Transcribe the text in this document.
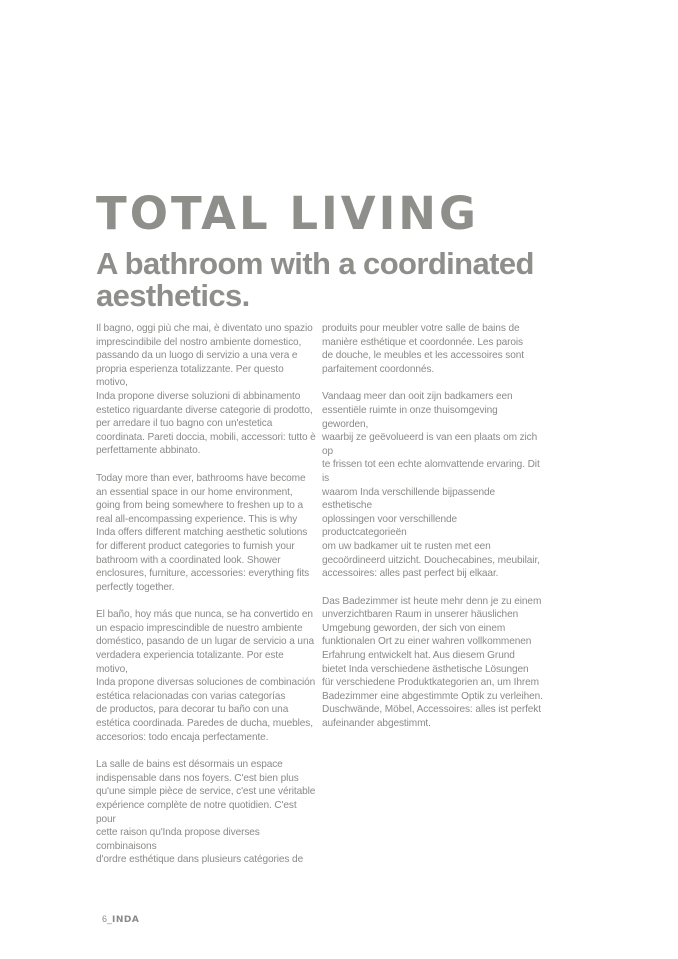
TOTAL LIVING
A bathroom with a coordinated aesthetics.

Il bagno, oggi più che mai, è diventato uno spazio
imprescindibile del nostro ambiente domestico,
passando da un luogo di servizio a una vera e
propria esperienza totalizzante. Per questo motivo,
Inda propone diverse soluzioni di abbinamento
estetico riguardante diverse categorie di prodotto,
per arredare il tuo bagno con un'estetica
coordinata. Pareti doccia, mobili, accessori: tutto è
perfettamente abbinato.

Today more than ever, bathrooms have become
an essential space in our home environment,
going from being somewhere to freshen up to a
real all-encompassing experience. This is why
Inda offers different matching aesthetic solutions
for different product categories to furnish your
bathroom with a coordinated look. Shower
enclosures, furniture, accessories: everything fits
perfectly together.

El baño, hoy más que nunca, se ha convertido en
un espacio imprescindible de nuestro ambiente
doméstico, pasando de un lugar de servicio a una
verdadera experiencia totalizante. Por este motivo,
Inda propone diversas soluciones de combinación
estética relacionadas con varias categorías
de productos, para decorar tu baño con una
estética coordinada. Paredes de ducha, muebles,
accesorios: todo encaja perfectamente.

La salle de bains est désormais un espace
indispensable dans nos foyers. C'est bien plus
qu'une simple pièce de service, c'est une véritable
expérience complète de notre quotidien. C'est pour
cette raison qu'Inda propose diverses combinaisons
d'ordre esthétique dans plusieurs catégories de

produits pour meubler votre salle de bains de
manière esthétique et coordonnée. Les parois
de douche, le meubles et les accessoires sont
parfaitement coordonnés.

Vandaag meer dan ooit zijn badkamers een
essentiële ruimte in onze thuisomgeving geworden,
waarbij ze geëvolueerd is van een plaats om zich op
te frissen tot een echte alomvattende ervaring. Dit is
waarom Inda verschillende bijpassende esthetische
oplossingen voor verschillende productcategorieën
om uw badkamer uit te rusten met een
gecoördineerd uitzicht. Douchecabines, meubilair,
accessoires: alles past perfect bij elkaar.

Das Badezimmer ist heute mehr denn je zu einem
unverzichtbaren Raum in unserer häuslichen
Umgebung geworden, der sich von einem
funktionalen Ort zu einer wahren vollkommenen
Erfahrung entwickelt hat. Aus diesem Grund
bietet Inda verschiedene ästhetische Lösungen
für verschiedene Produktkategorien an, um Ihrem
Badezimmer eine abgestimmte Optik zu verleihen.
Duschwände, Möbel, Accessoires: alles ist perfekt
aufeinander abgestimmt.

6_INDA
